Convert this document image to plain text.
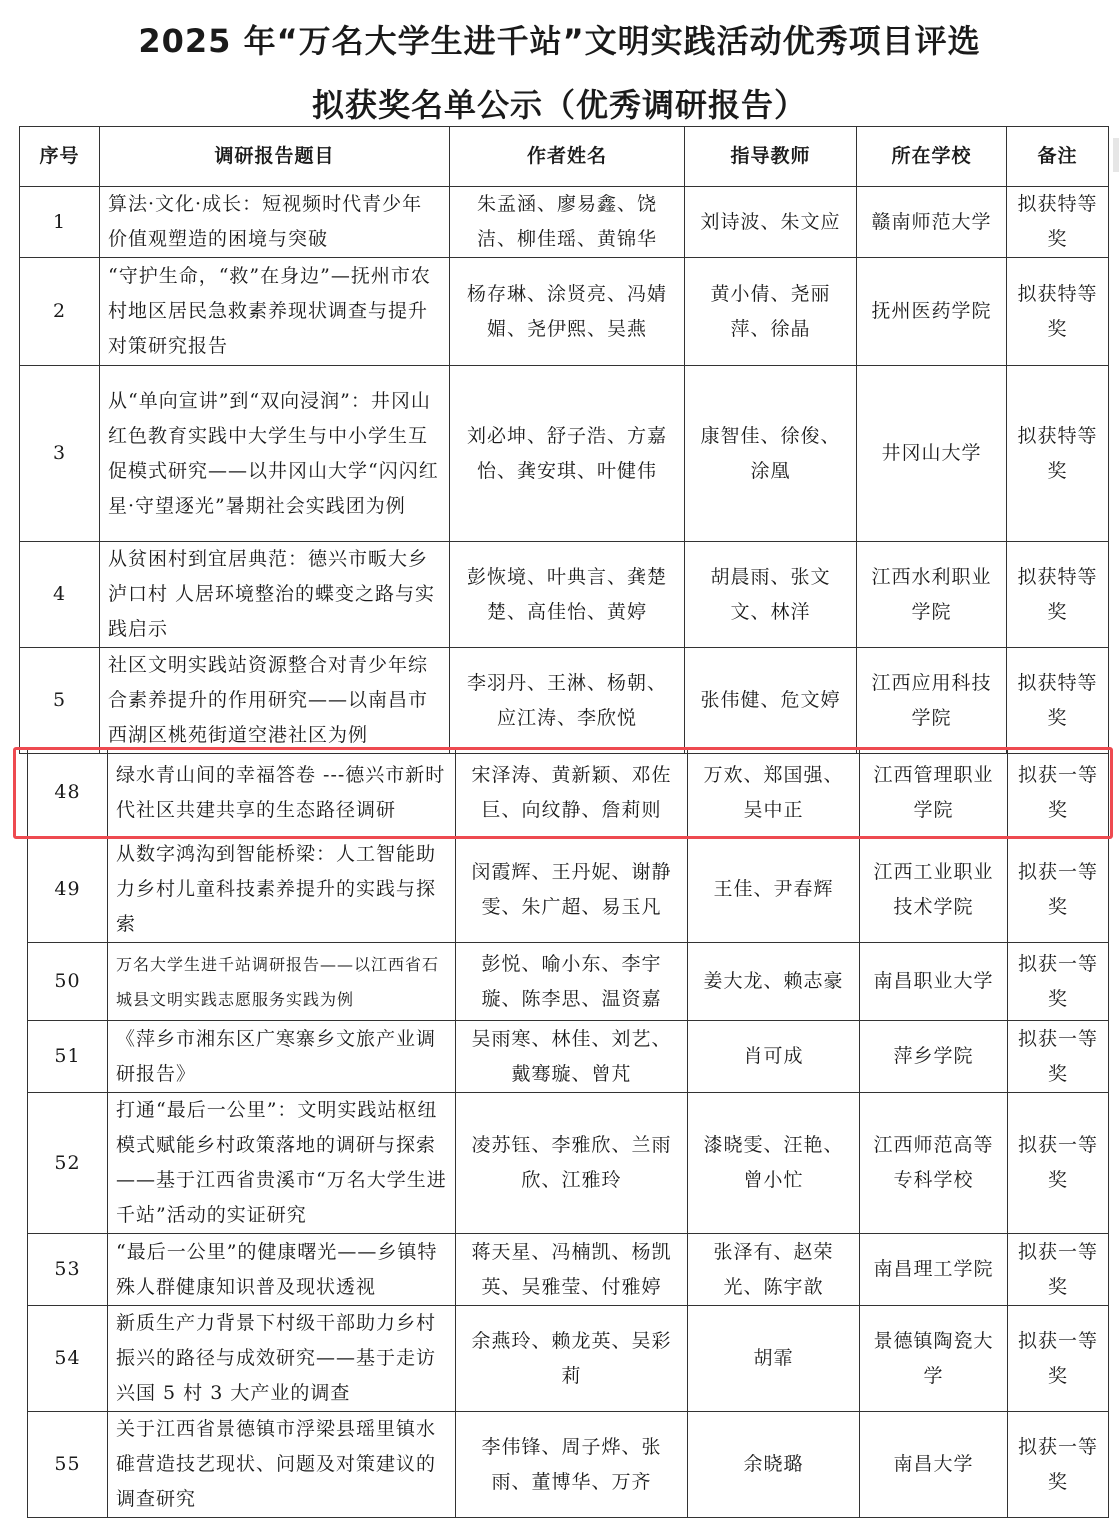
2025 年“万名大学生进千站”文明实践活动优秀项目评选
拟获奖名单公示（优秀调研报告）
序号	调研报告题目	作者姓名	指导教师	所在学校	备注
1	算法·文化·成长：短视频时代青少年价值观塑造的困境与突破	朱孟涵、廖易鑫、饶洁、柳佳瑶、黄锦华	刘诗波、朱文应	赣南师范大学	拟获特等奖
2	“守护生命，“救”在身边”—抚州市农村地区居民急救素养现状调查与提升对策研究报告	杨存琳、涂贤亮、冯婧媚、尧伊熙、吴燕	黄小倩、尧丽萍、徐晶	抚州医药学院	拟获特等奖
3	从“单向宣讲”到“双向浸润”：井冈山红色教育实践中大学生与中小学生互促模式研究——以井冈山大学“闪闪红星·守望逐光”暑期社会实践团为例	刘必坤、舒子浩、方嘉怡、龚安琪、叶健伟	康智佳、徐俊、涂凰	井冈山大学	拟获特等奖
4	从贫困村到宜居典范：德兴市畈大乡泸口村 人居环境整治的蝶变之路与实践启示	彭恢境、叶典言、龚楚楚、高佳怡、黄婷	胡晨雨、张文文、林洋	江西水利职业学院	拟获特等奖
5	社区文明实践站资源整合对青少年综合素养提升的作用研究——以南昌市西湖区桃苑街道空港社区为例	李羽丹、王淋、杨朝、应江涛、李欣悦	张伟健、危文婷	江西应用科技学院	拟获特等奖
48	绿水青山间的幸福答卷 ---德兴市新时代社区共建共享的生态路径调研	宋泽涛、黄新颖、邓佐巨、向纹静、詹莉则	万欢、郑国强、吴中正	江西管理职业学院	拟获一等奖
49	从数字鸿沟到智能桥梁：人工智能助力乡村儿童科技素养提升的实践与探索	闵霞辉、王丹妮、谢静雯、朱广超、易玉凡	王佳、尹春辉	江西工业职业技术学院	拟获一等奖
50	万名大学生进千站调研报告——以江西省石城县文明实践志愿服务实践为例	彭悦、喻小东、李宇璇、陈李思、温资嘉	姜大龙、赖志豪	南昌职业大学	拟获一等奖
51	《萍乡市湘东区广寒寨乡文旅产业调研报告》	吴雨寒、林佳、刘艺、戴骞璇、曾芃	肖可成	萍乡学院	拟获一等奖
52	打通“最后一公里”：文明实践站枢纽模式赋能乡村政策落地的调研与探索——基于江西省贵溪市“万名大学生进千站”活动的实证研究	凌苏钰、李雅欣、兰雨欣、江雅玲	漆晓雯、汪艳、曾小忙	江西师范高等专科学校	拟获一等奖
53	“最后一公里”的健康曙光——乡镇特殊人群健康知识普及现状透视	蒋天星、冯楠凯、杨凯英、吴雅莹、付雅婷	张泽有、赵荣光、陈宇歆	南昌理工学院	拟获一等奖
54	新质生产力背景下村级干部助力乡村振兴的路径与成效研究——基于走访兴国 5 村 3 大产业的调查	余燕玲、赖龙英、吴彩莉	胡霏	景德镇陶瓷大学	拟获一等奖
55	关于江西省景德镇市浮梁县瑶里镇水碓营造技艺现状、问题及对策建议的调查研究	李伟锋、周子烨、张雨、董博华、万齐	余晓璐	南昌大学	拟获一等奖
